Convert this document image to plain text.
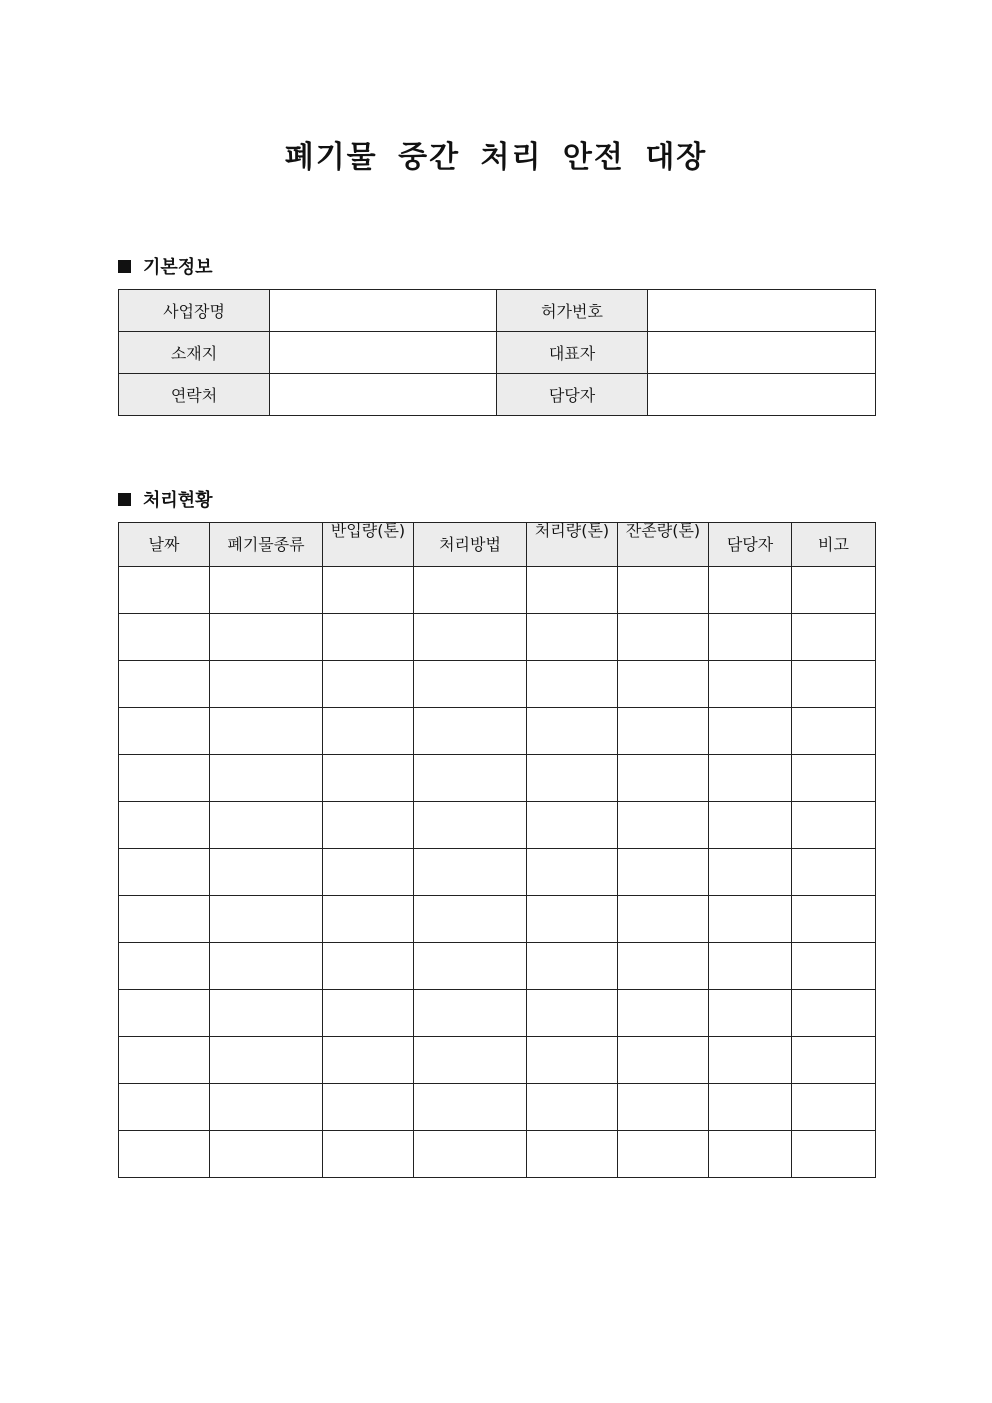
폐기물 중간 처리 안전 대장
기본정보
사업장명		허가번호	
소재지		대표자	
연락처		담당자	
처리현황
날짜	폐기물종류	반입량(톤)	처리방법	처리량(톤)	잔존량(톤)	담당자	비고
